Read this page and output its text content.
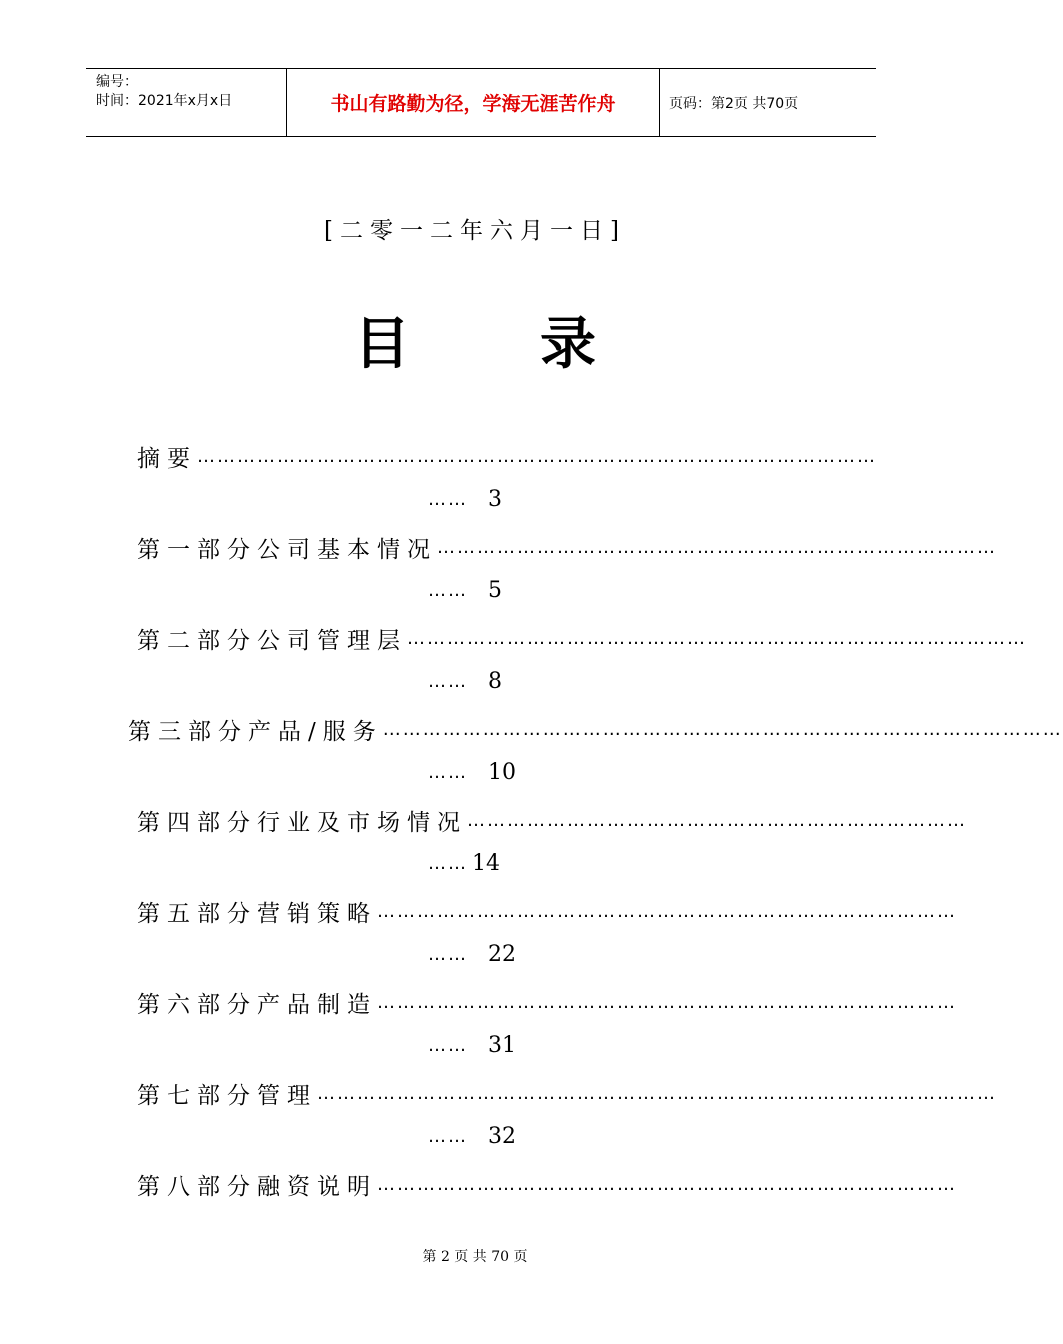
编号：
时间：2021年x月x日	书山有路勤为径，学海无涯苦作舟	页码：第2页 共70页
[二零一二年六月一日]
目 录
摘要 …………………………………………………………………………………………
…… 3
第一部分 公司基本情况 …………………………………………………………………………
…… 5
第二部分 公司管理层 …………………………………………………………………………………
…… 8
第三部分 产品/服务 …………………………………………………………………………………………
…… 10
第四部分 行业及市场情况 …………………………………………………………………
…… 14
第五部分 营销策略 ……………………………………………………………………………
…… 22
第六部分 产品制造 ……………………………………………………………………………
…… 31
第七部分 管理 …………………………………………………………………………………………
…… 32
第八部分 融资说明 ……………………………………………………………………………
第 2 页 共 70 页
